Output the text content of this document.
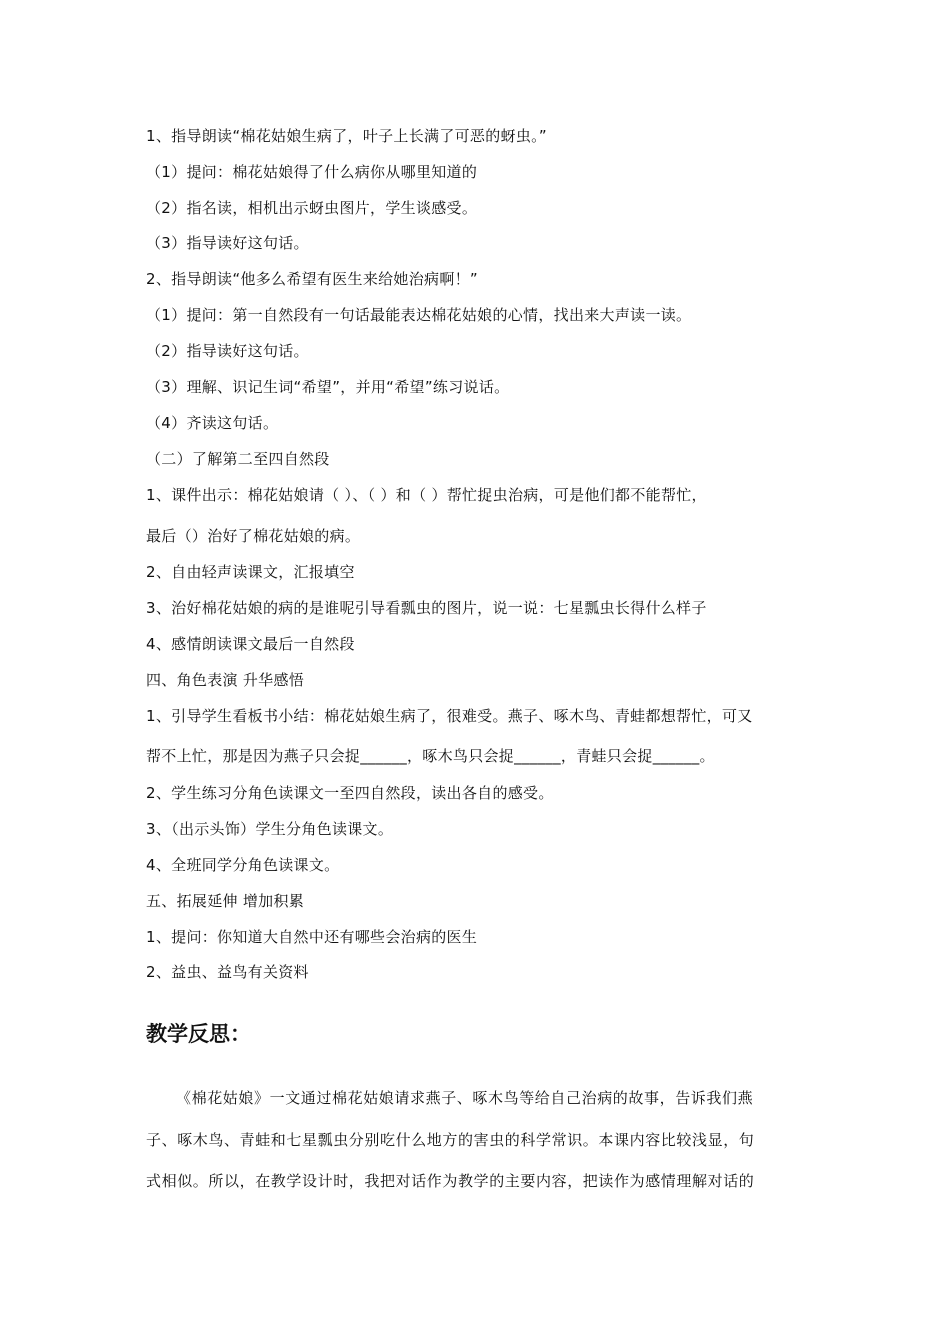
1、指导朗读“棉花姑娘生病了，叶子上长满了可恶的蚜虫。”
（1）提问：棉花姑娘得了什么病你从哪里知道的
（2）指名读，相机出示蚜虫图片，学生谈感受。
（3）指导读好这句话。
2、指导朗读“他多么希望有医生来给她治病啊！”
（1）提问：第一自然段有一句话最能表达棉花姑娘的心情，找出来大声读一读。
（2）指导读好这句话。
（3）理解、识记生词“希望”，并用“希望”练习说话。
（4）齐读这句话。
（二）了解第二至四自然段
1、课件出示：棉花姑娘请（ ）、（ ）和（ ）帮忙捉虫治病，可是他们都不能帮忙，
最后（）治好了棉花姑娘的病。
2、自由轻声读课文，汇报填空
3、治好棉花姑娘的病的是谁呢引导看瓢虫的图片，说一说：七星瓢虫长得什么样子
4、感情朗读课文最后一自然段
四、角色表演 升华感悟
1、引导学生看板书小结：棉花姑娘生病了，很难受。燕子、啄木鸟、青蛙都想帮忙，可又
帮不上忙，那是因为燕子只会捉______，啄木鸟只会捉______，青蛙只会捉______。
2、学生练习分角色读课文一至四自然段，读出各自的感受。
3、（出示头饰）学生分角色读课文。
4、全班同学分角色读课文。
五、拓展延伸 增加积累
1、提问：你知道大自然中还有哪些会治病的医生
2、益虫、益鸟有关资料
教学反思：
《棉花姑娘》一文通过棉花姑娘请求燕子、啄木鸟等给自己治病的故事，告诉我们燕
子、啄木鸟、青蛙和七星瓢虫分别吃什么地方的害虫的科学常识。本课内容比较浅显，句
式相似。所以，在教学设计时，我把对话作为教学的主要内容，把读作为感情理解对话的
